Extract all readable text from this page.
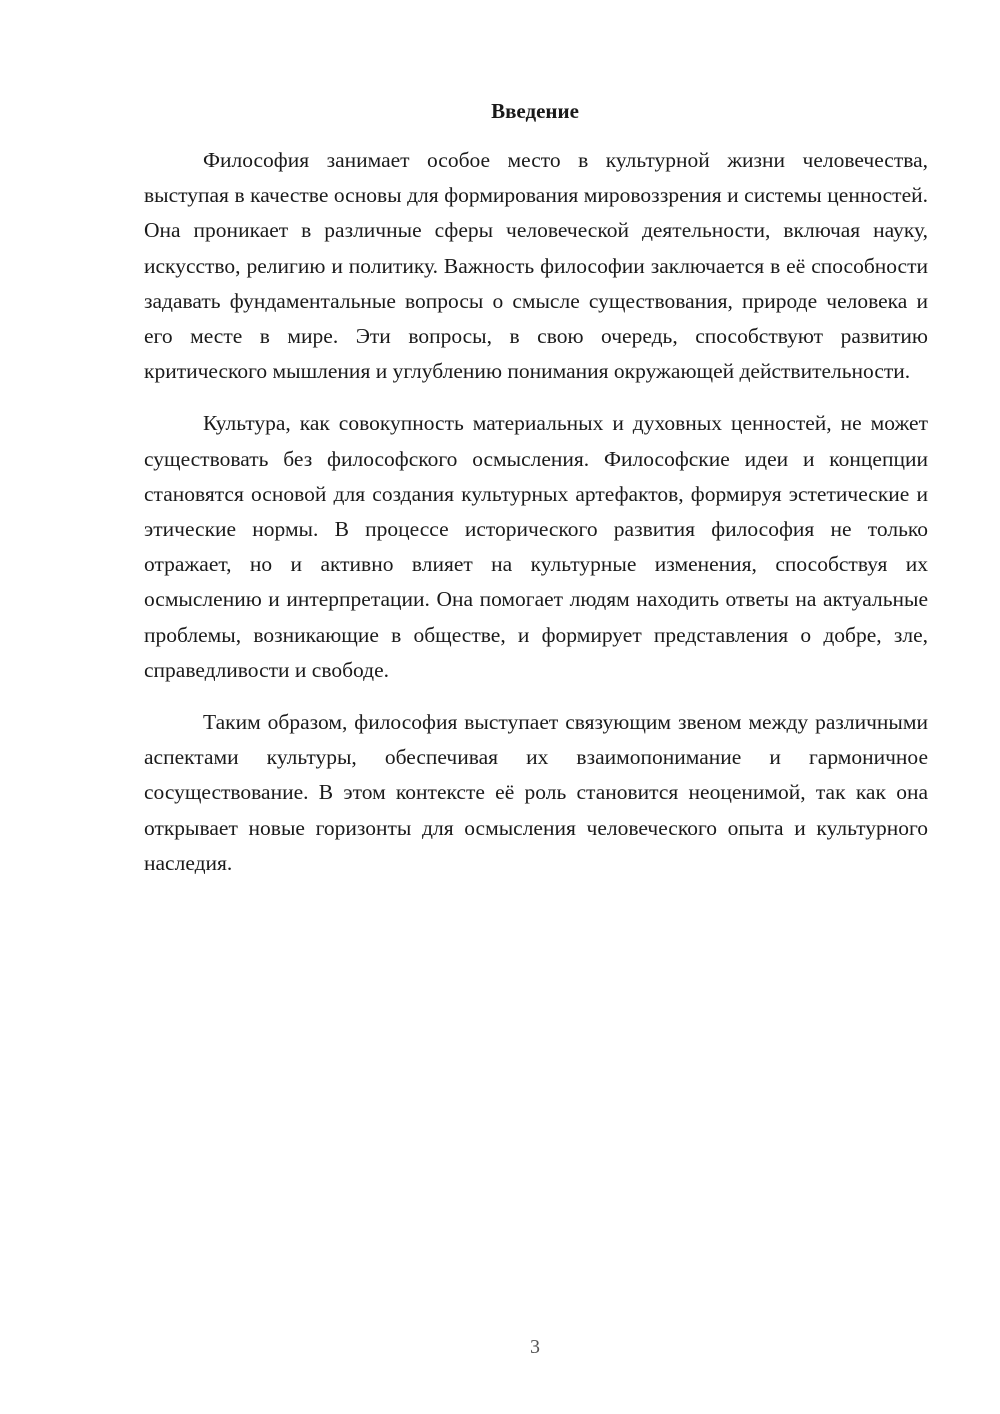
Введение

Философия занимает особое место в культурной жизни человечества, выступая в качестве основы для формирования мировоззрения и системы ценностей. Она проникает в различные сферы человеческой деятельности, включая науку, искусство, религию и политику. Важность философии заключается в её способности задавать фундаментальные вопросы о смысле существования, природе человека и его месте в мире. Эти вопросы, в свою очередь, способствуют развитию критического мышления и углублению понимания окружающей действительности.

Культура, как совокупность материальных и духовных ценностей, не может существовать без философского осмысления. Философские идеи и концепции становятся основой для создания культурных артефактов, формируя эстетические и этические нормы. В процессе исторического развития философия не только отражает, но и активно влияет на культурные изменения, способствуя их осмыслению и интерпретации. Она помогает людям находить ответы на актуальные проблемы, возникающие в обществе, и формирует представления о добре, зле, справедливости и свободе.

Таким образом, философия выступает связующим звеном между различными аспектами культуры, обеспечивая их взаимопонимание и гармоничное сосуществование. В этом контексте её роль становится неоценимой, так как она открывает новые горизонты для осмысления человеческого опыта и культурного наследия.

3
